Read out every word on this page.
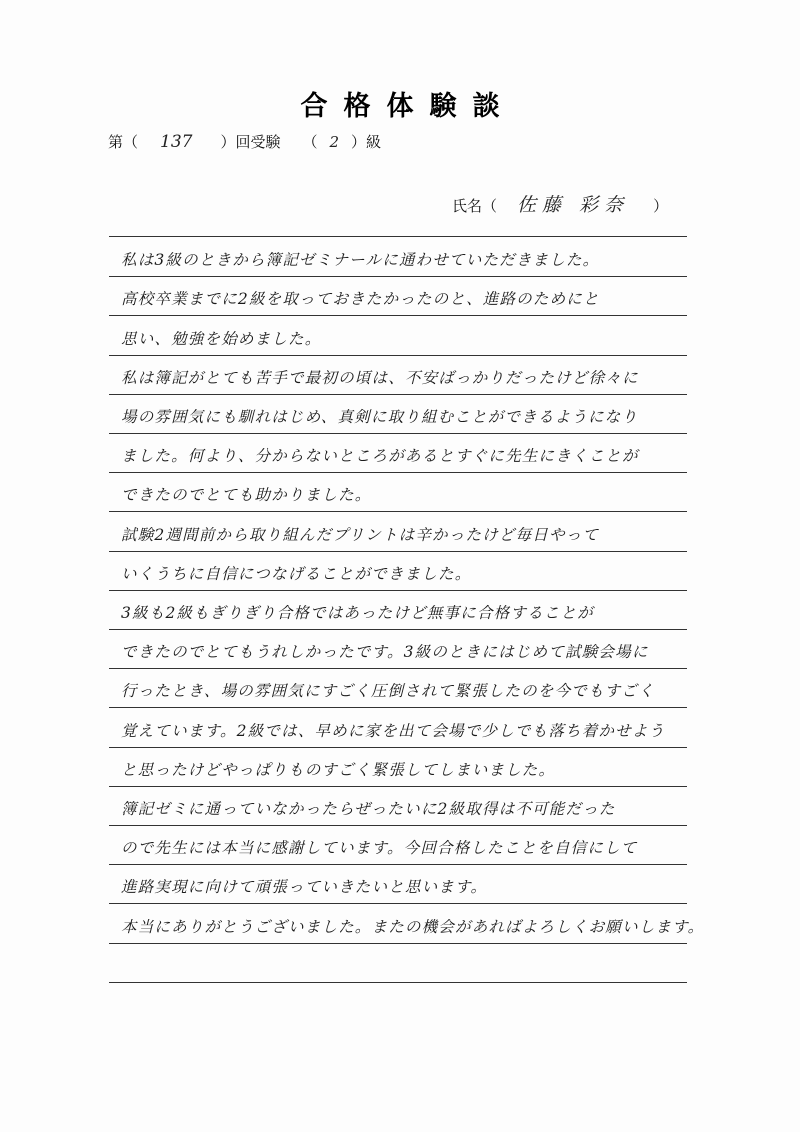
合格体験談
第（ 137 ）回受験 （ 2 ）級
氏名（ 佐藤 彩奈 ）
私は3級のときから簿記ゼミナールに通わせていただきました。
高校卒業までに2級を取っておきたかったのと、進路のためにと
思い、勉強を始めました。
私は簿記がとても苦手で最初の頃は、不安ばっかりだったけど徐々に
場の雰囲気にも馴れはじめ、真剣に取り組むことができるようになり
ました。何より、分からないところがあるとすぐに先生にきくことが
できたのでとても助かりました。
試験2週間前から取り組んだプリントは辛かったけど毎日やって
いくうちに自信につなげることができました。
3級も2級もぎりぎり合格ではあったけど無事に合格することが
できたのでとてもうれしかったです。3級のときにはじめて試験会場に
行ったとき、場の雰囲気にすごく圧倒されて緊張したのを今でもすごく
覚えています。2級では、早めに家を出て会場で少しでも落ち着かせよう
と思ったけどやっぱりものすごく緊張してしまいました。
簿記ゼミに通っていなかったらぜったいに2級取得は不可能だった
ので先生には本当に感謝しています。今回合格したことを自信にして
進路実現に向けて頑張っていきたいと思います。
本当にありがとうございました。またの機会があればよろしくお願いします。
